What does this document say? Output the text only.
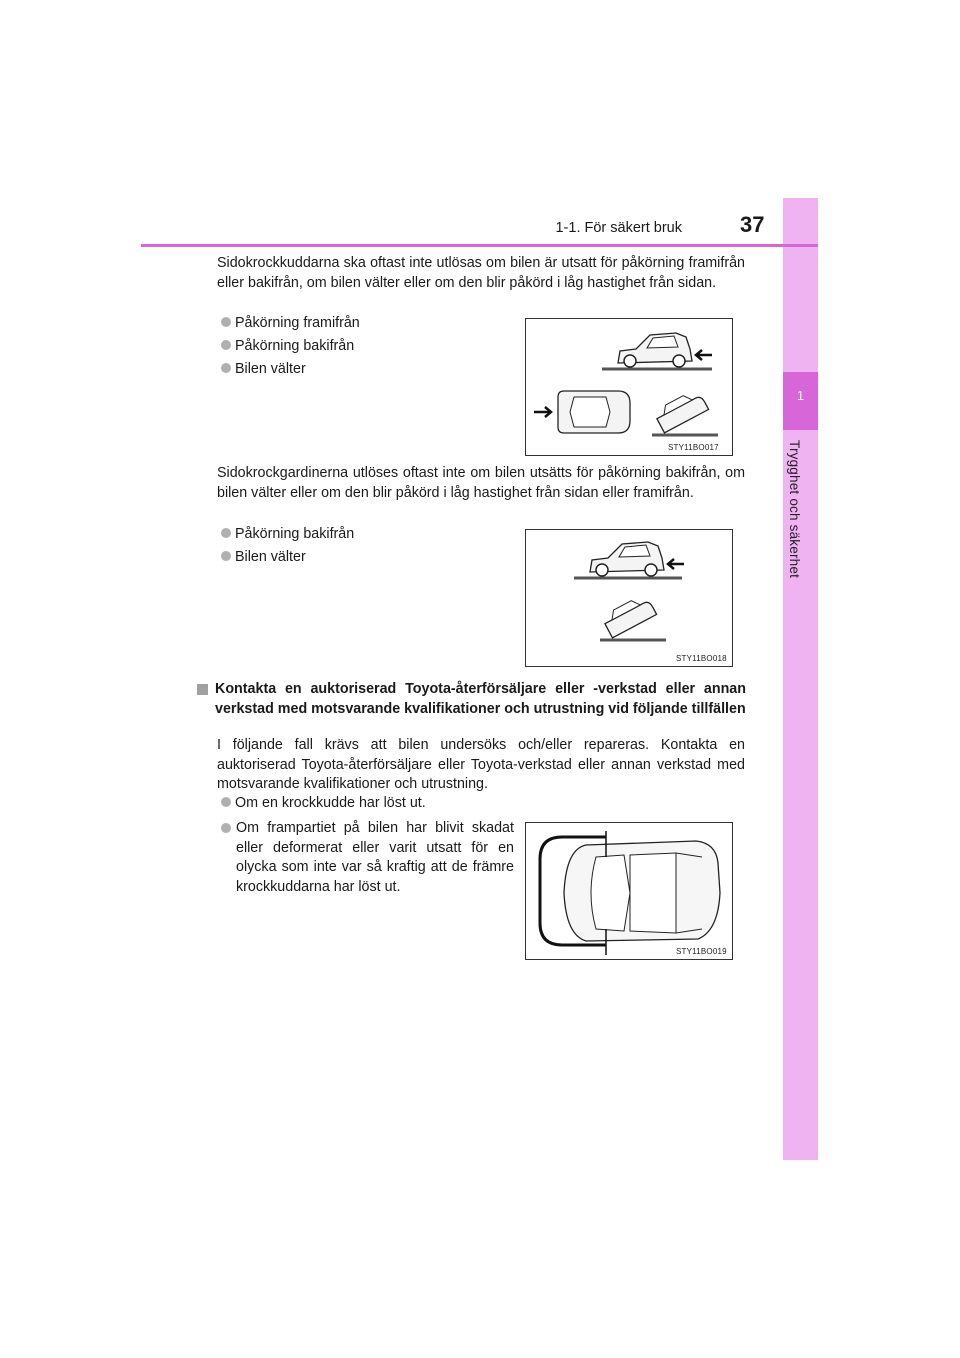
1
Trygghet och säkerhet
1-1. För säkert bruk	37

Sidokrockkuddarna ska oftast inte utlösas om bilen är utsatt för påkörning framifrån eller bakifrån, om bilen välter eller om den blir påkörd i låg hastighet från sidan.

Påkörning framifrån
Påkörning bakifrån
Bilen välter
STY11BO017

Sidokrockgardinerna utlöses oftast inte om bilen utsätts för påkörning bakifrån, om bilen välter eller om den blir påkörd i låg hastighet från sidan eller framifrån.

Påkörning bakifrån
Bilen välter
STY11BO018
Kontakta en auktoriserad Toyota-återförsäljare eller -verkstad eller annan verkstad med motsvarande kvalifikationer och utrustning vid följande tillfällen

I följande fall krävs att bilen undersöks och/eller repareras. Kontakta en auktoriserad Toyota-återförsäljare eller Toyota-verkstad eller annan verkstad med motsvarande kvalifikationer och utrustning.

Om en krockkudde har löst ut.
Om frampartiet på bilen har blivit skadat eller deformerat eller varit utsatt för en olycka som inte var så kraftig att de främre krockkuddarna har löst ut.
STY11BO019
